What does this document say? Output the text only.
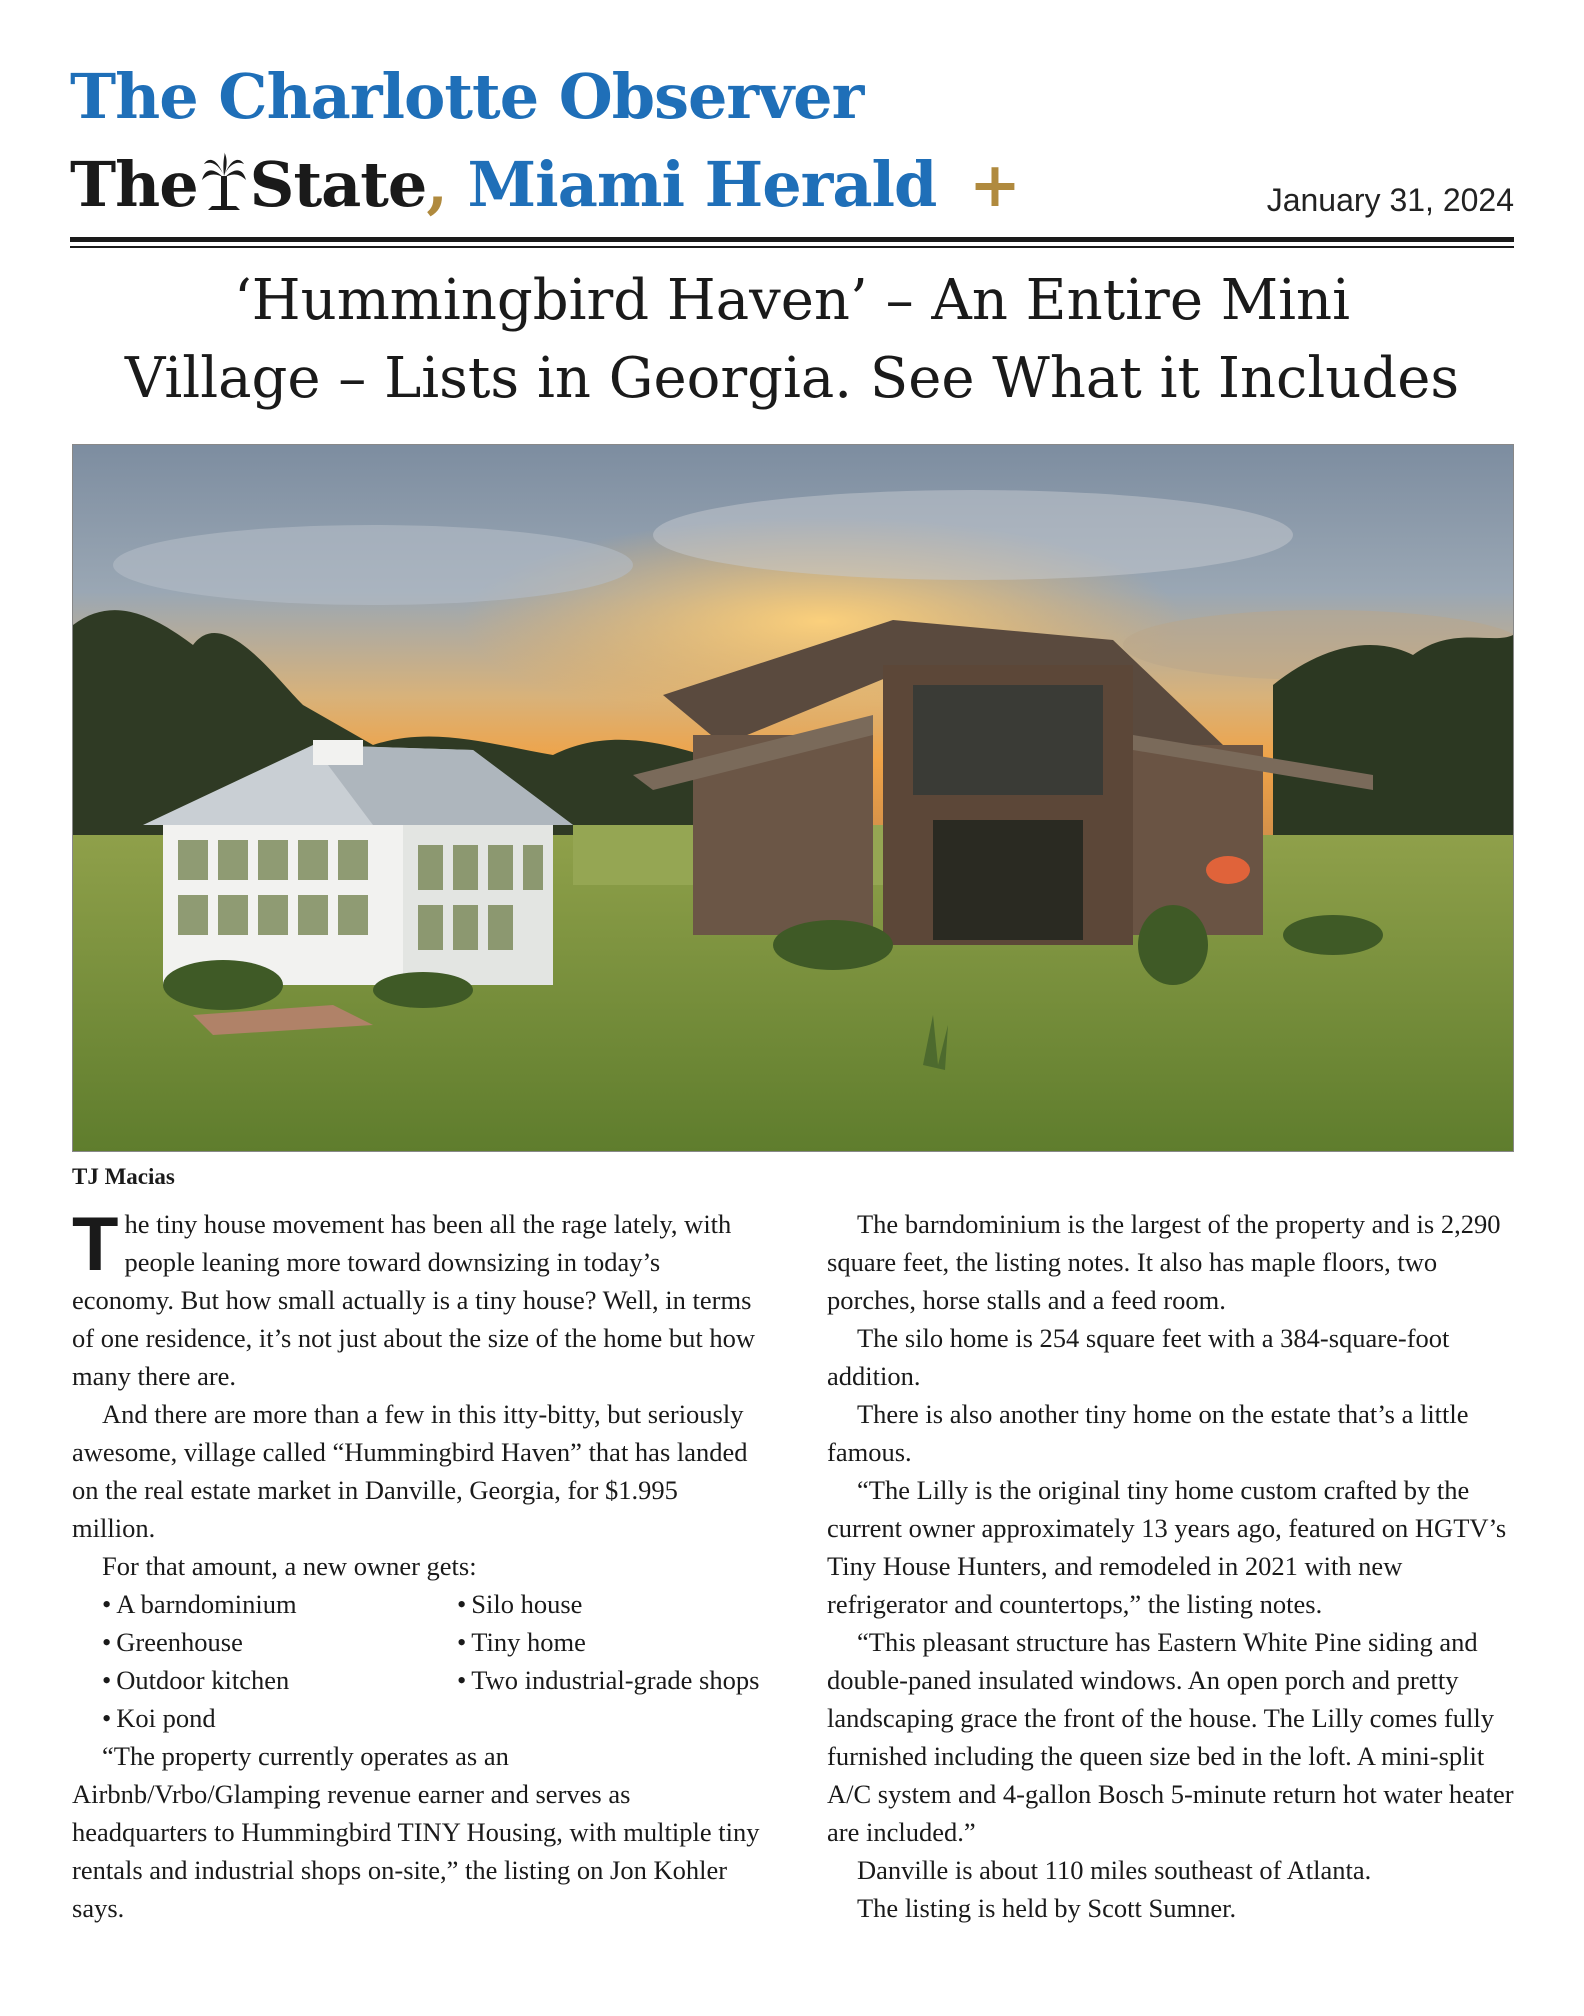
The Charlotte Observer
The State, Miami Herald +	January 31, 2024
‘Hummingbird Haven’ – An Entire Mini
Village – Lists in Georgia. See What it Includes
TJ Macias

The tiny house movement has been all the rage lately, with people leaning more toward downsizing in today’s economy. But how small actually is a tiny house? Well, in terms of one residence, it’s not just about the size of the home but how many there are.

And there are more than a few in this itty-bitty, but seriously awesome, village called “Hummingbird Haven” that has landed on the real estate market in Danville, Georgia, for $1.995 million.

For that amount, a new owner gets:

• A barndominium	• Silo house
• Greenhouse	• Tiny home
• Outdoor kitchen	• Two industrial-grade shops
• Koi pond

“The property currently operates as an Airbnb/Vrbo/Glamping revenue earner and serves as headquarters to Hummingbird TINY Housing, with multiple tiny rentals and industrial shops on-site,” the listing on Jon Kohler says.

The barndominium is the largest of the property and is 2,290 square feet, the listing notes. It also has maple floors, two porches, horse stalls and a feed room.

The silo home is 254 square feet with a 384-square-foot addition.

There is also another tiny home on the estate that’s a little famous.

“The Lilly is the original tiny home custom crafted by the current owner approximately 13 years ago, featured on HGTV’s Tiny House Hunters, and remodeled in 2021 with new refrigerator and countertops,” the listing notes.

“This pleasant structure has Eastern White Pine siding and double-paned insulated windows. An open porch and pretty landscaping grace the front of the house. The Lilly comes fully furnished including the queen size bed in the loft. A mini-split A/C system and 4-gallon Bosch 5-minute return hot water heater are included.”

Danville is about 110 miles southeast of Atlanta.

The listing is held by Scott Sumner.
